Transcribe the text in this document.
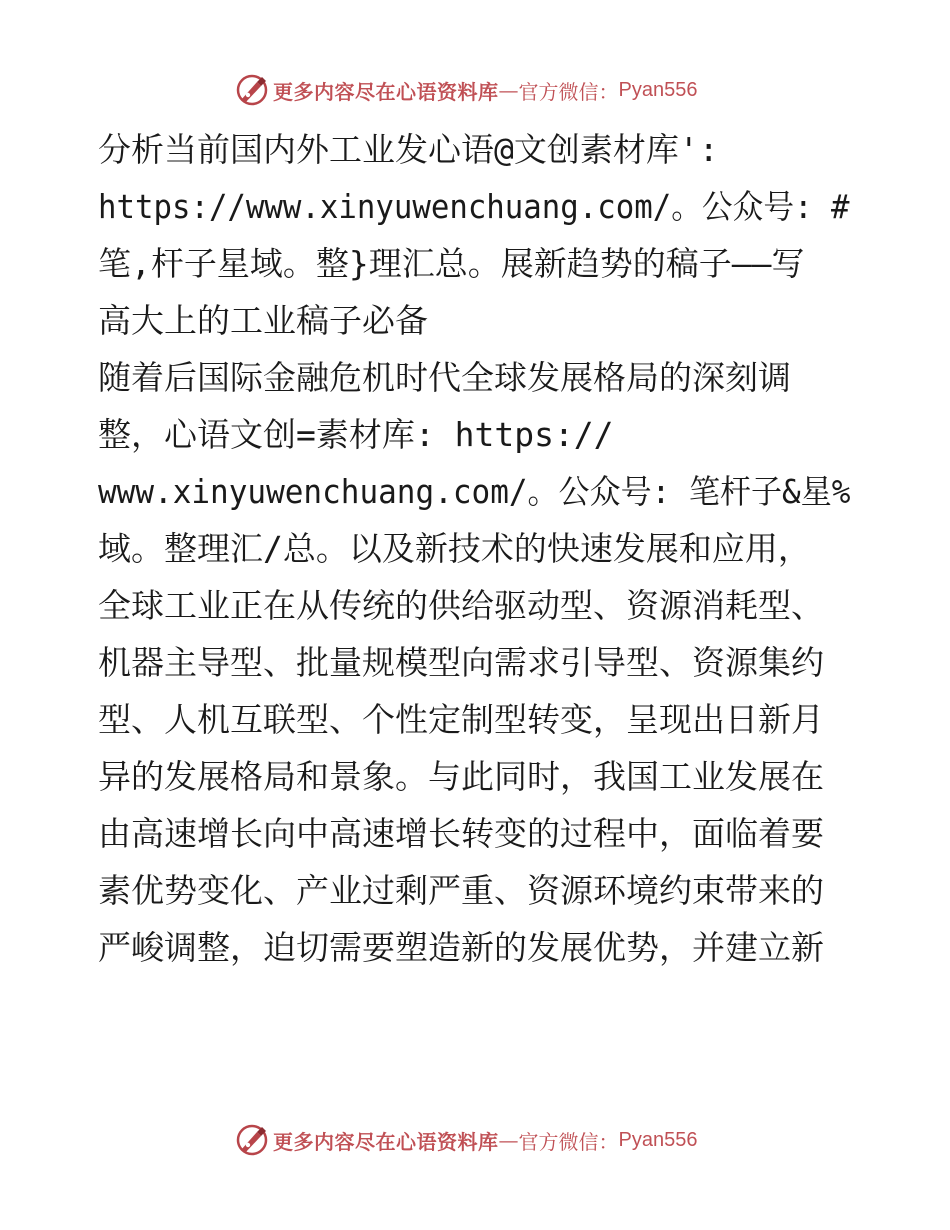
更多内容尽在心语资料库 — 官方微信： Pyan556
分析当前国内外工业发心语@文创素材库':
https://www.xinyuwenchuang.com/。公众号: #
笔,杆子星域。整}理汇总。展新趋势的稿子——写
高大上的工业稿子必备
随着后国际金融危机时代全球发展格局的深刻调
整，心语文创=素材库: https://
www.xinyuwenchuang.com/。公众号: 笔杆子&星%
域。整理汇/总。以及新技术的快速发展和应用，
全球工业正在从传统的供给驱动型、资源消耗型、
机器主导型、批量规模型向需求引导型、资源集约
型、人机互联型、个性定制型转变，呈现出日新月
异的发展格局和景象。与此同时，我国工业发展在
由高速增长向中高速增长转变的过程中，面临着要
素优势变化、产业过剩严重、资源环境约束带来的
严峻调整，迫切需要塑造新的发展优势，并建立新
更多内容尽在心语资料库 — 官方微信： Pyan556
